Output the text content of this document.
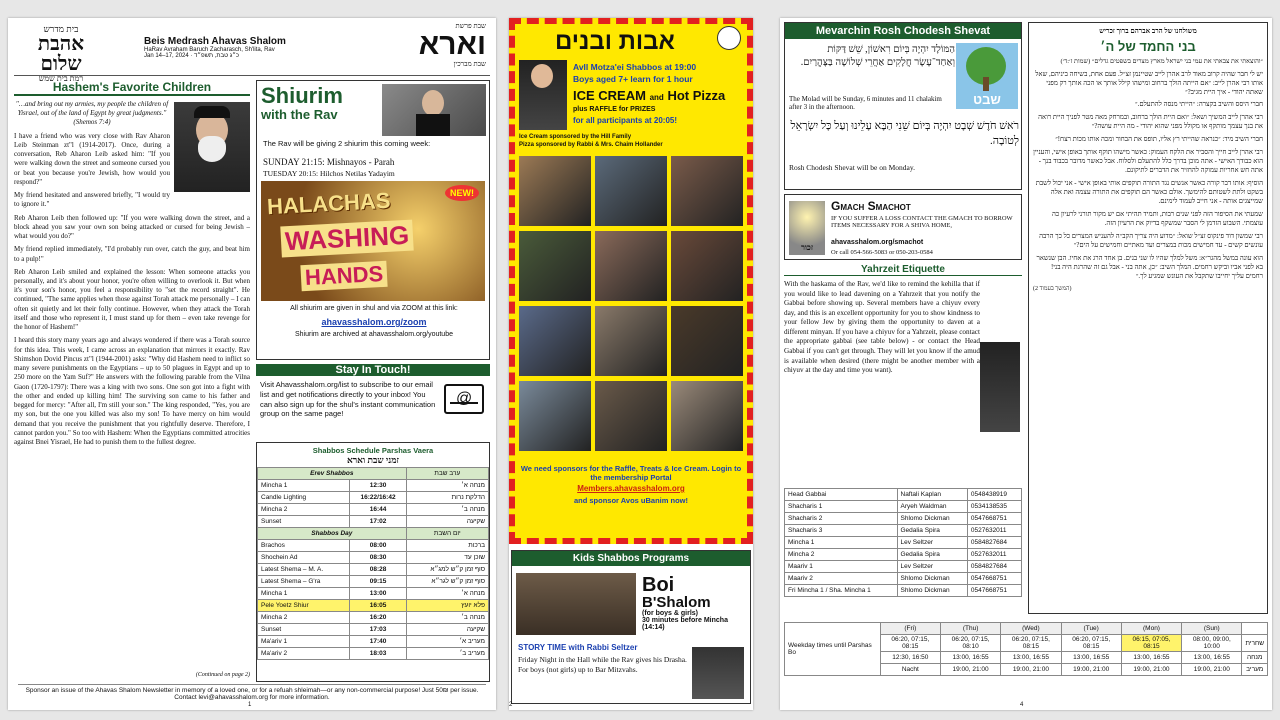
בית מדרש
אהבת שלום
רמת בית שמש
Beis Medrash Ahavas Shalom
HaRav Avraham Baruch Zacharasch, Sh'lita, Rav
Jan 14–17, 2024 · כ״ג טבת, תשפ״ד
שבת פרשת
וארא
שבת מברכין
Hashem's Favorite Children

"…and bring out my armies, my people the children of Yisrael, out of the land of Egypt by great judgments." (Shemos 7:4)

I have a friend who was very close with Rav Aharon Leib Steinman zt"l (1914-2017). Once, during a conversation, Reb Aharon Leib asked him: "If you were walking down the street and someone cursed you or beat you because you're Jewish, how would you respond?"

My friend hesitated and answered briefly, "I would try to ignore it."

Reb Aharon Leib then followed up: "If you were walking down the street, and a block ahead you saw your own son being attacked or cursed for being Jewish – what would you do?"

My friend replied immediately, "I'd probably run over, catch the guy, and beat him to a pulp!"

Reb Aharon Leib smiled and explained the lesson: When someone attacks you personally, and it's about your honor, you're often willing to overlook it. But when it's your son's honor, you feel a responsibility to "set the record straight". He continued, "The same applies when those against Torah attack me personally – I can often sit quietly and let their folly continue. However, when they attack the Torah itself and those who represent it, I must stand up for them – even take revenge for the honor of Hashem!"

I heard this story many years ago and always wondered if there was a Torah source for this idea. This week, I came across an explanation that mirrors it exactly. Rav Shimshon Dovid Pincus zt"l (1944-2001) asks: "Why did Hashem need to inflict so many severe punishments on the Egyptians – up to 50 plagues in Egypt and up to 250 more on the Yam Suf?" He answers with the following parable from the Vilna Gaon (1720-1797): There was a king with two sons. One son got into a fight with the other and ended up killing him! The surviving son came to his father and begged for mercy: "After all, I'm still your son." The king responded, "Yes, you are my son, but the one you killed was also my son! To have mercy on him would demand that you receive the punishment that you rightfully deserve. Therefore, I cannot pardon you." So too with Hashem: When the Egyptians committed atrocities against Bnei Yisrael, He had to punish them to the fullest degree.

(Continued on page 2)
Shiurim
with the Rav
The Rav will be giving 2 shiurim this coming week:
SUNDAY 21:15: Mishnayos - Parah
TUESDAY 20:15: Hilchos Netilas Yadayim
HALACHAS
WASHING
HANDS
NEW!
All shiurim are given in shul and via ZOOM at this link:
ahavasshalom.org/zoom
Shiurim are archived at ahavasshalom.org/youtube
Stay In Touch!
Visit Ahavasshalom.org/list to subscribe to our email list and get notifications directly to your inbox! You can also sign up for the shul's instant communication group on the same page!
@
Shabbos Schedule Parshas Vaera
זמני שבת וארא
Erev Shabbos		ערב שבת
Mincha 1	12:30	מנחה א׳
Candle Lighting	16:22/16:42	הדלקת נרות
Mincha 2	16:44	מנחה ב׳
Sunset	17:02	שקיעה
Shabbos Day		יום השבת
Brachos	08:00	ברכות
Shochein Ad	08:30	שוכן עד
Latest Shema – M. A.	08:28	סוף זמן ק״ש למג״א
Latest Shema – G'ra	09:15	סוף זמן ק״ש לגר״א
Mincha 1	13:00	מנחה א׳
Pele Yoetz Shiur	16:05	פלא יועץ
Mincha 2	16:20	מנחה ב׳
Sunset	17:03	שקיעה
Ma'ariv 1	17:40	מעריב א׳
Ma'ariv 2	18:03	מעריב ב׳
Sponsor an issue of the Ahavas Shalom Newsletter in memory of a loved one, or for a refuah shleimah—or any non-commercial purpose! Just 50₪ per issue. Contact levi@ahavasshalom.org for more information.
1
אבות ובנים
Avll Motza'ei Shabbos at 19:00
Boys aged 7+ learn for 1 hour
ICE CREAM and Hot Pizza
plus RAFFLE for PRIZES
for all participants at 20:05!
Ice Cream sponsored by the Hill Family
Pizza sponsored by Rabbi & Mrs. Chaim Hollander
We need sponsors for the Raffle, Treats & Ice Cream. Login to the membership Portal
Members.ahavasshalom.org
and sponsor Avos uBanim now!
Kids Shabbos Programs
Boi
B'Shalom
(for boys & girls)
30 minutes before Mincha (14:14)
STORY TIME with Rabbi Seltzer
Friday Night in the Hall while the Rav gives his Drasha. For boys (not girls) up to Bar Mitzvahs.
2
Mevarchin Rosh Chodesh Shevat
שבט
הַמּוֹלָד יִהְיֶה בְּיוֹם רִאשׁוֹן, שֵׁשׁ דַּקּוֹת וְאַחַד־עָשָׂר חֲלָקִים אַחֲרֵי שְׁלוֹשָׁה בַּצָּהֳרַיִם.
The Molad will be Sunday, 6 minutes and 11 chalakim after 3 in the afternoon.
רֹאשׁ חֹדֶשׁ שְׁבָט יִהְיֶה בְּיוֹם שֵׁנִי הַבָּא עָלֵינוּ וְעַל כָּל יִשְׂרָאֵל לְטוֹבָה.
Rosh Chodesh Shevat will be on Monday.
זכור
Gmach Smachot
IF YOU SUFFER A LOSS CONTACT THE GMACH TO BORROW ITEMS NECESSARY FOR A SHIVA HOME,
ahavasshalom.org/smachot
Or call 054-566-5083 or 050-203-0584
Yahrzeit Etiquette
With the haskama of the Rav, we'd like to remind the kehilla that if you would like to lead davening on a Yahrzeit that you notify the Gabbai before showing up. Several members have a chiyuv every day, and this is an excellent opportunity for you to show kindness to your fellow Jew by giving them the opportunity to daven at a different minyan. If you have a chiyuv for a Yahrzeit, please contact the appropriate gabbai (see table below) - or contact the Head Gabbai if you can't get through. They will let you know if the amud is available when desired (there might be another member with a chiyuv at the day and time you want).
Head Gabbai	Naftali Kaplan	0548438919
Shacharis 1	Aryeh Waldman	0534138535
Shacharis 2	Shlomo Dickman	0547668751
Shacharis 3	Gedalia Spira	0527632011
Mincha 1	Lev Seltzer	0584827684
Mincha 2	Gedalia Spira	0527632011
Maariv 1	Lev Seltzer	0584827684
Maariv 2	Shlomo Dickman	0547668751
Fri Mincha 1 / Sha. Mincha 1	Shlomo Dickman	0547668751
משולחנו של הרב אברהם ברוך זכריש
בני החמד של ה׳

״והוצאתי את צבאתי את עמי בני ישראל מארץ מצרים בשפטים גדלים״ (שמות ז׳:ד׳)

יש לי חבר שהיה קרוב מאוד לרב אהרן לייב שטיינמן זצ״ל. פעם אחת, בשיחה ביניהם, שאל אותו רבי אהרן לייב: ״אם הייתה הולך ברחוב ומישהו קילל אותך או הכה אותך רק מפני שאתה יהודי - איך היית מגיב?״

חברי היסס והשיב בקצרה: ״הייתי מנסה להתעלם.״

רבי אהרן לייב המשיך ושאל: ״ואם היית הולך ברחוב, ובמרחק מאה מטר לפניך היית רואה את בנך עצמך מותקף או מקולל מפני שהוא יהודי - מה היית עושה?״

חברי השיב מיד: ״כנראה שהייתי רץ אליו, תופס את הבחור ומכה אותו מכות רצח!״

רבי אהרן לייב חייך והסביר את הלקח העמוק: כאשר מישהו תוקף אותך באופן אישי, והעניין הוא כבודך האישי - אתה מוכן בדרך כלל להתעלם ולסלוח. אבל כאשר מדובר בכבוד בנך - אתה חש אחריות עמוקה להחזיר את הדברים לתיקונם.

הוסיף: אותו דבר קורה כאשר אנשים נגד התורה תוקפים אותי באופן אישי - אני יכול לשבת בשקט ולתת לשטותם להימשך. אולם כאשר הם תוקפים את התורה עצמה ואת אלה שמייצגים אותה - אני חייב לעמוד לימינם.

שמעתי את הסיפור הזה לפני שנים רבות, ותמיד תהיתי אם יש מקור תורני לרעיון כה עוצמתי. השבוע הזדמן לי הסבר שמשקף בדיוק את הרעיון הזה.

רבי שמשון דוד פינקוס זצ״ל שואל: ״מדוע היה צריך הקב״ה להעניש המצרים כל כך הרבה עונשים קשים - עד חמישים מכות במצרים ועד מאתיים וחמישים על הים?״

הוא עונה במשל מהגר״א: משל למלך שהיו לו שני בנים. בן אחד הרג את אחיו. הבן שנשאר בא לפני אביו וביקש רחמים. המלך השיב: ״כן, אתה בני - אבל גם זה שהרגת היה בני! רחמים עליך יחייבו שתקבל את העונש שמגיע לך.״

(המשך בעמוד 2)
Weekday times until Parshas Bo	(Fri)	(Thu)	(Wed)	(Tue)	(Mon)	(Sun)	
	06:20, 07:15, 08:15	06:20, 07:15, 08:10	06:20, 07:15, 08:15	06:20, 07:15, 08:15	06:15, 07:05, 08:15	08:00, 09:00, 10:00	שחרית
	12:30, 16:50	13:00, 16:55	13:00, 16:55	13:00, 16:55	13:00, 16:55	13:00, 16:55	מנחה
	Nacht	19:00, 21:00	19:00, 21:00	19:00, 21:00	19:00, 21:00	19:00, 21:00	מעריב
4
